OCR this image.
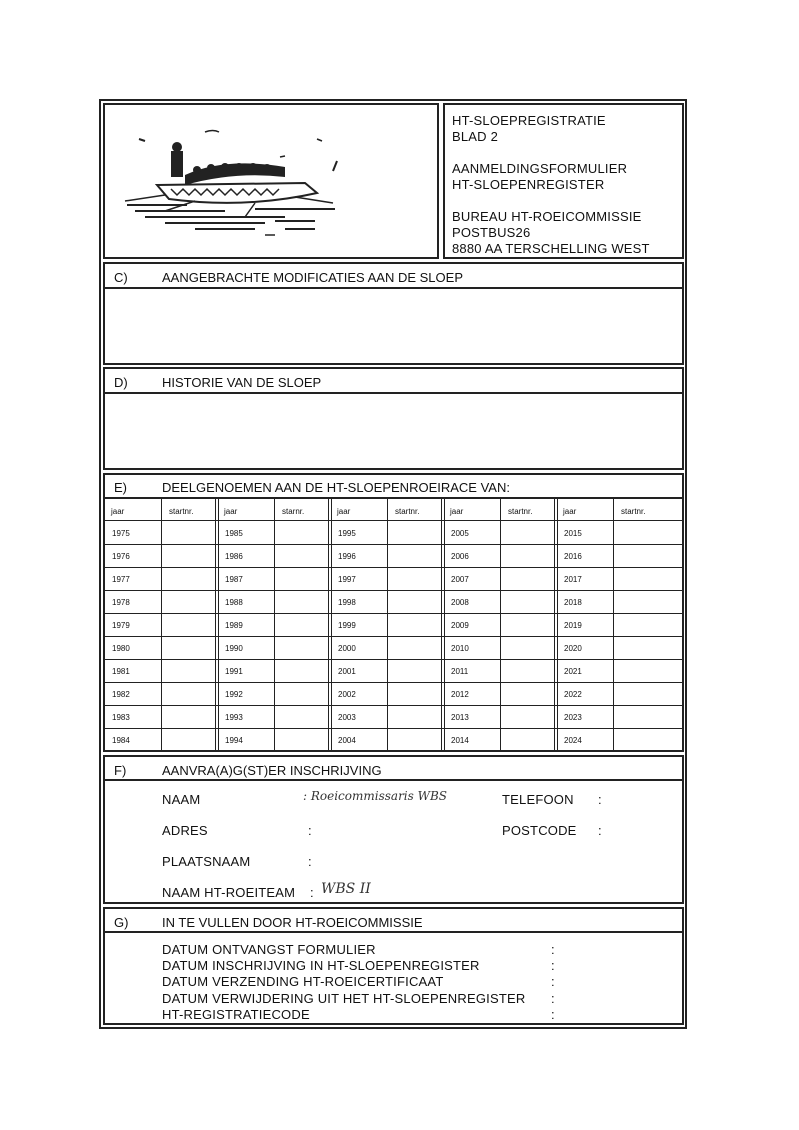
HT-SLOEPREGISTRATIE
BLAD 2
AANMELDINGSFORMULIER
HT-SLOEPENREGISTER
BUREAU HT-ROEICOMMISSIE
POSTBUS26
8880 AA TERSCHELLING WEST
C)	AANGEBRACHTE MODIFICATIES AAN DE SLOEP
D)	HISTORIE VAN DE SLOEP
E)	DEELGENOEMEN AAN DE HT-SLOEPENROEIRACE VAN:
jaar	startnr.	jaar	starnr.	jaar	startnr.	jaar	startnr.	jaar	startnr.
1975	1985	1995	2005	2015
1976	1986	1996	2006	2016
1977	1987	1997	2007	2017
1978	1988	1998	2008	2018
1979	1989	1999	2009	2019
1980	1990	2000	2010	2020
1981	1991	2001	2011	2021
1982	1992	2002	2012	2022
1983	1993	2003	2013	2023
1984	1994	2004	2014	2024
F)	AANVRA(A)G(ST)ER INSCHRIJVING
NAAM	: Roeicommissaris WBS	TELEFOON :
ADRES	:	POSTCODE :
PLAATSNAAM	:
NAAM HT-ROEITEAM : WBS II
G)	IN TE VULLEN DOOR HT-ROEICOMMISSIE
DATUM ONTVANGST FORMULIER
DATUM INSCHRIJVING IN HT-SLOEPENREGISTER
DATUM VERZENDING HT-ROEICERTIFICAAT
DATUM VERWIJDERING UIT HET HT-SLOEPENREGISTER
HT-REGISTRATIECODE
:
:
:
:
:
